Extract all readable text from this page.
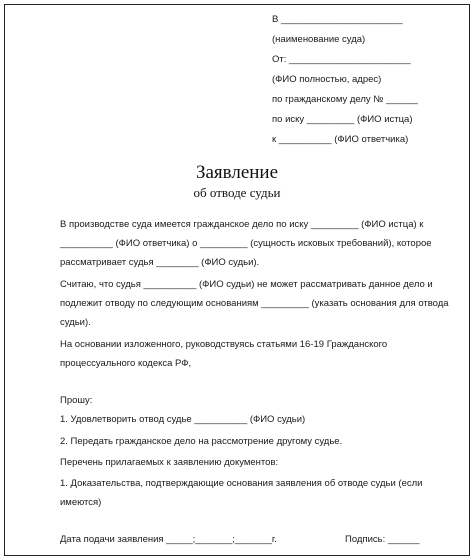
В _______________________
(наименование суда)
От: _______________________
(ФИО полностью, адрес)
по гражданскому делу № ______
по иску _________ (ФИО истца)
к __________ (ФИО ответчика)
Заявление
об отводе судьи
В производстве суда имеется гражданское дело по иску _________ (ФИО истца) к
__________ (ФИО ответчика) о _________ (сущность исковых требований), которое
рассматривает судья ________ (ФИО судьи).
Считаю, что судья __________ (ФИО судьи) не может рассматривать данное дело и
подлежит отводу по следующим основаниям _________ (указать основания для отвода
судьи).
На основании изложенного, руководствуясь статьями 16-19 Гражданского
процессуального кодекса РФ,
Прошу:
1. Удовлетворить отвод судье __________ (ФИО судьи)
2. Передать гражданское дело на рассмотрение другому судье.
Перечень прилагаемых к заявлению документов:
1. Доказательства, подтверждающие основания заявления об отводе судьи (если
имеются)
Дата подачи заявления _____;_______;_______г.	Подпись: ______
